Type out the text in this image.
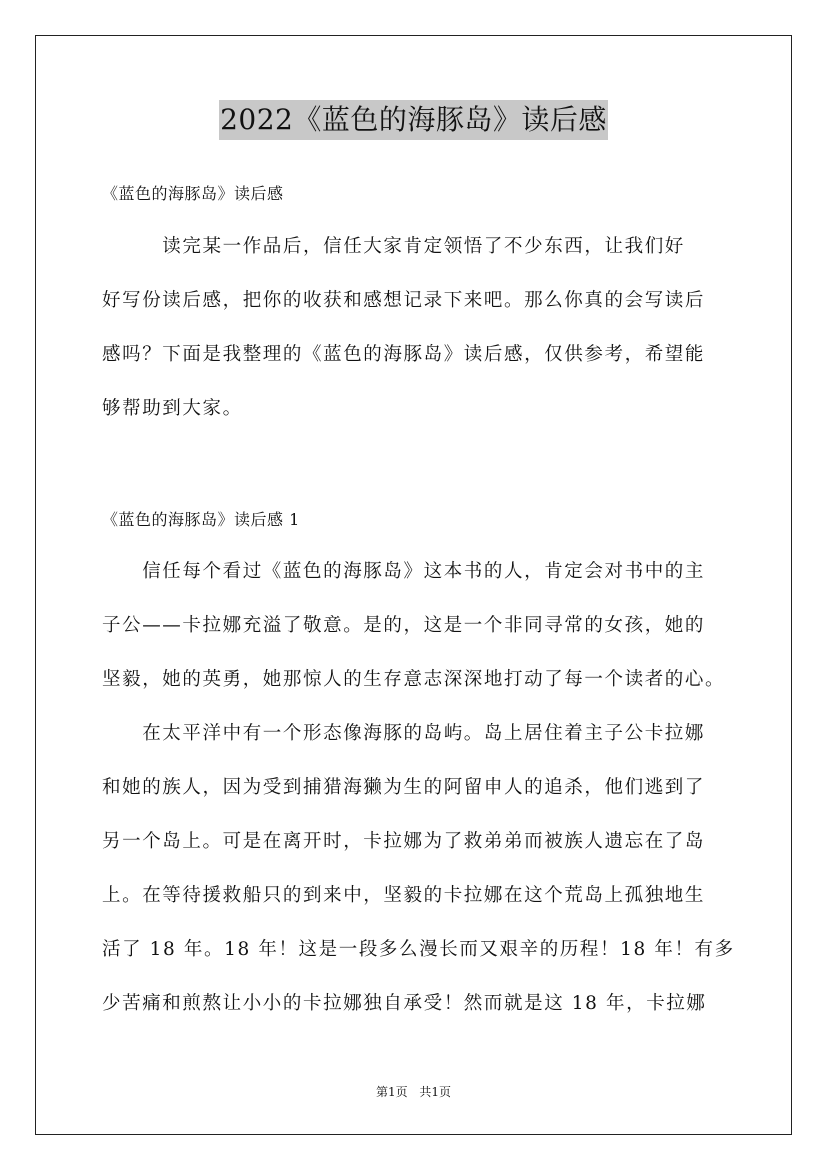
2022《蓝色的海豚岛》读后感

《蓝色的海豚岛》读后感

　　　读完某一作品后，信任大家肯定领悟了不少东西，让我们好
好写份读后感，把你的收获和感想记录下来吧。那么你真的会写读后
感吗？下面是我整理的《蓝色的海豚岛》读后感，仅供参考，希望能
够帮助到大家。

《蓝色的海豚岛》读后感 1

　　信任每个看过《蓝色的海豚岛》这本书的人，肯定会对书中的主
子公——卡拉娜充溢了敬意。是的，这是一个非同寻常的女孩，她的
坚毅，她的英勇，她那惊人的生存意志深深地打动了每一个读者的心。
　　在太平洋中有一个形态像海豚的岛屿。岛上居住着主子公卡拉娜
和她的族人，因为受到捕猎海獭为生的阿留申人的追杀，他们逃到了
另一个岛上。可是在离开时，卡拉娜为了救弟弟而被族人遗忘在了岛
上。在等待援救船只的到来中，坚毅的卡拉娜在这个荒岛上孤独地生
活了 18 年。18 年！这是一段多么漫长而又艰辛的历程！18 年！有多
少苦痛和煎熬让小小的卡拉娜独自承受！然而就是这 18 年，卡拉娜
第1页 共1页
